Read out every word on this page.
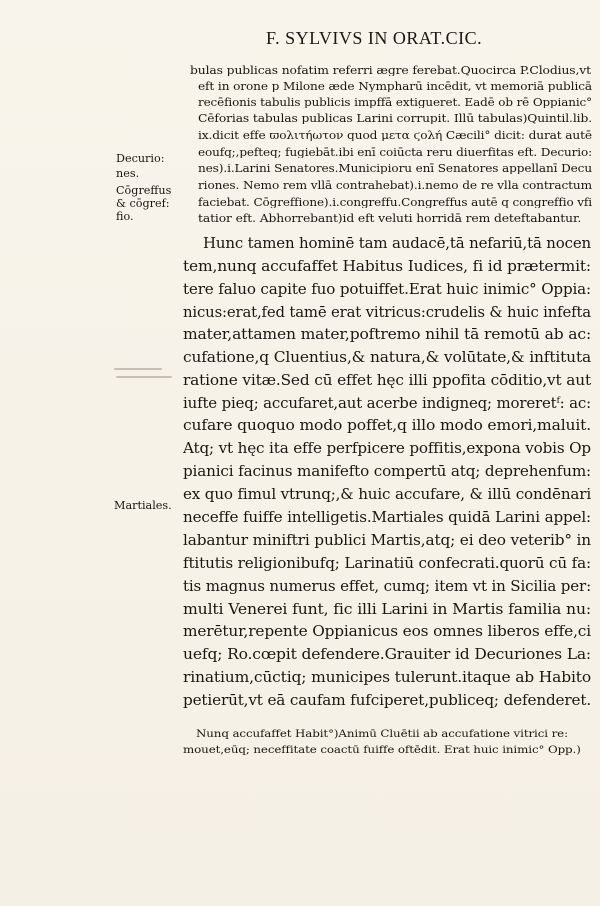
F. SYLVIVS IN ORAT.CIC.
bulas publicas nofatim referri ægre ferebat.Quocirca P.Clodius,vt
eft in orone p Milone æde Nympharū incēdit, vt memoriā publicā
recēfionis tabulis publicis impffā extigueret. Eadē ob rē Oppianic°
Cēforias tabulas publicas Larini corrupit. Illū tabulas)Quintil.lib.
ix.dicit effe ϖολιτήωτον quod μετα ϛολή Cæcili° dicit: durat autē
eoufq;,pefteq; fugiebāt.ibi enī coiūcta reru diuerfitas eft. Decurio:
nes).i.Larini Senatores.Municipioru enī Senatores appellanī Decu
riones. Nemo rem vllā contrahebat).i.nemo de re vlla contractum
faciebat. Cōgreffione).i.congreffu.Congreffus autē q congreffio vfi
tatior eft. Abhorrebant)id eft veluti horridā rem deteftabantur.
Decurio:
nes.
Cōgreffus
& cōgref:
fio.
Martiales.
Hunc tamen hominē tam audacē,tā nefariū,tā nocen
tem,nunq accufaffet Habitus Iudices, fi id prætermit:
tere faluo capite fuo potuiffet.Erat huic inimic° Oppia:
nicus:erat,fed tamē erat vitricus:crudelis & huic infefta
mater,attamen mater,poftremo nihil tā remotū ab ac:
cufatione,q Cluentius,& natura,& volūtate,& inftituta
ratione vitæ.Sed cū effet hęc illi ppofita cōditio,vt aut
iufte pieq; accufaret,aut acerbe indigneq; moreretᶠ: ac:
cufare quoquo modo poffet,q illo modo emori,maluit.
Atq; vt hęc ita effe perfpicere poffitis,expona vobis Op
pianici facinus manifefto compertū atq; deprehenfum:
ex quo fimul vtrunq;,& huic accufare, & illū condēnari
neceffe fuiffe intelligetis.Martiales quidā Larini appel:
labantur miniftri publici Martis,atq; ei deo veterib° in
ftitutis religionibufq; Larinatiū confecrati.quorū cū fa:
tis magnus numerus effet, cumq; item vt in Sicilia per:
multi Venerei funt, fic illi Larini in Martis familia nu:
merētur,repente Oppianicus eos omnes liberos effe,ci
uefq; Ro.cœpit defendere.Grauiter id Decuriones La:
rinatium,cūctiq; municipes tulerunt.itaque ab Habito
petierūt,vt eā caufam fufciperet,publiceq; defenderet.
Nunq accufaffet Habit°)Animū Cluētii ab accufatione vitrici re:
mouet,eūq; neceffitate coactū fuiffe oftēdit. Erat huic inimic° Opp.)
